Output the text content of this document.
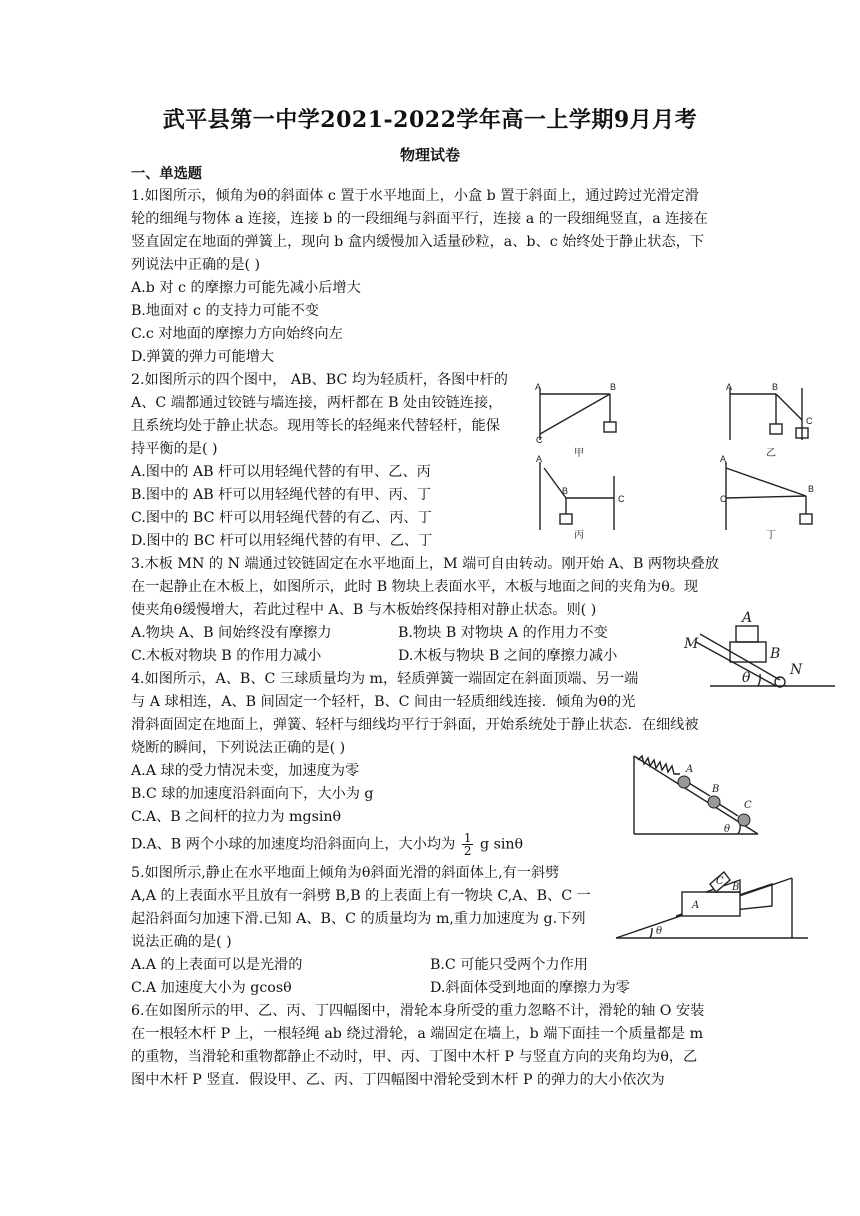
武平县第一中学2021-2022学年高一上学期9月月考
物理试卷
一、单选题
1.如图所示，倾角为θ的斜面体 c 置于水平地面上，小盒 b 置于斜面上，通过跨过光滑定滑
轮的细绳与物体 a 连接，连接 b 的一段细绳与斜面平行，连接 a 的一段细绳竖直，a 连接在
竖直固定在地面的弹簧上，现向 b 盒内缓慢加入适量砂粒，a、b、c 始终处于静止状态，下
列说法中正确的是( )
A.b 对 c 的摩擦力可能先减小后增大
B.地面对 c 的支持力可能不变
C.c 对地面的摩擦力方向始终向左
D.弹簧的弹力可能增大
2.如图所示的四个图中， AB、BC 均为轻质杆，各图中杆的
A、C 端都通过铰链与墙连接，两杆都在 B 处由铰链连接，
且系统均处于静止状态。现用等长的轻绳来代替轻杆，能保
持平衡的是( )
A.图中的 AB 杆可以用轻绳代替的有甲、乙、丙
B.图中的 AB 杆可以用轻绳代替的有甲、丙、丁
C.图中的 BC 杆可以用轻绳代替的有乙、丙、丁
D.图中的 BC 杆可以用轻绳代替的有甲、乙、丁
A	B
C
A	B
C
A
B
C
A
B
C
甲	乙
丙	丁
3.木板 MN 的 N 端通过铰链固定在水平地面上，M 端可自由转动。刚开始 A、B 两物块叠放
在一起静止在木板上，如图所示，此时 B 物块上表面水平，木板与地面之间的夹角为θ。现
使夹角θ缓慢增大，若此过程中 A、B 与木板始终保持相对静止状态。则( )
A.物块 A、B 间始终没有摩擦力	B.物块 B 对物块 A 的作用力不变
C.木板对物块 B 的作用力减小	D.木板与物块 B 之间的摩擦力减小
A
B
M
N
θ
4.如图所示，A、B、C 三球质量均为 m，轻质弹簧一端固定在斜面顶端、另一端
与 A 球相连，A、B 间固定一个轻杆，B、C 间由一轻质细线连接．倾角为θ的光
滑斜面固定在地面上，弹簧、轻杆与细线均平行于斜面，开始系统处于静止状态．在细线被
烧断的瞬间，下列说法正确的是( )
A.A 球的受力情况未变，加速度为零
B.C 球的加速度沿斜面向下，大小为 g
C.A、B 之间杆的拉力为 mgsinθ
D.A、B 两个小球的加速度均沿斜面向上，大小均为 $\frac{1}{2}$ g sinθ
A
B
C
θ
5.如图所示,静止在水平地面上倾角为θ斜面光滑的斜面体上,有一斜劈
A,A 的上表面水平且放有一斜劈 B,B 的上表面上有一物块 C,A、B、C 一
起沿斜面匀加速下滑.已知 A、B、C 的质量均为 m,重力加速度为 g.下列
说法正确的是( )
A.A 的上表面可以是光滑的	B.C 可能只受两个力作用
C.A 加速度大小为 gcosθ	D.斜面体受到地面的摩擦力为零
A
B
C
θ
6.在如图所示的甲、乙、丙、丁四幅图中，滑轮本身所受的重力忽略不计，滑轮的轴 O 安装
在一根轻木杆 P 上，一根轻绳 ab 绕过滑轮，a 端固定在墙上，b 端下面挂一个质量都是 m
的重物，当滑轮和重物都静止不动时，甲、丙、丁图中木杆 P 与竖直方向的夹角均为θ，乙
图中木杆 P 竖直．假设甲、乙、丙、丁四幅图中滑轮受到木杆 P 的弹力的大小依次为
